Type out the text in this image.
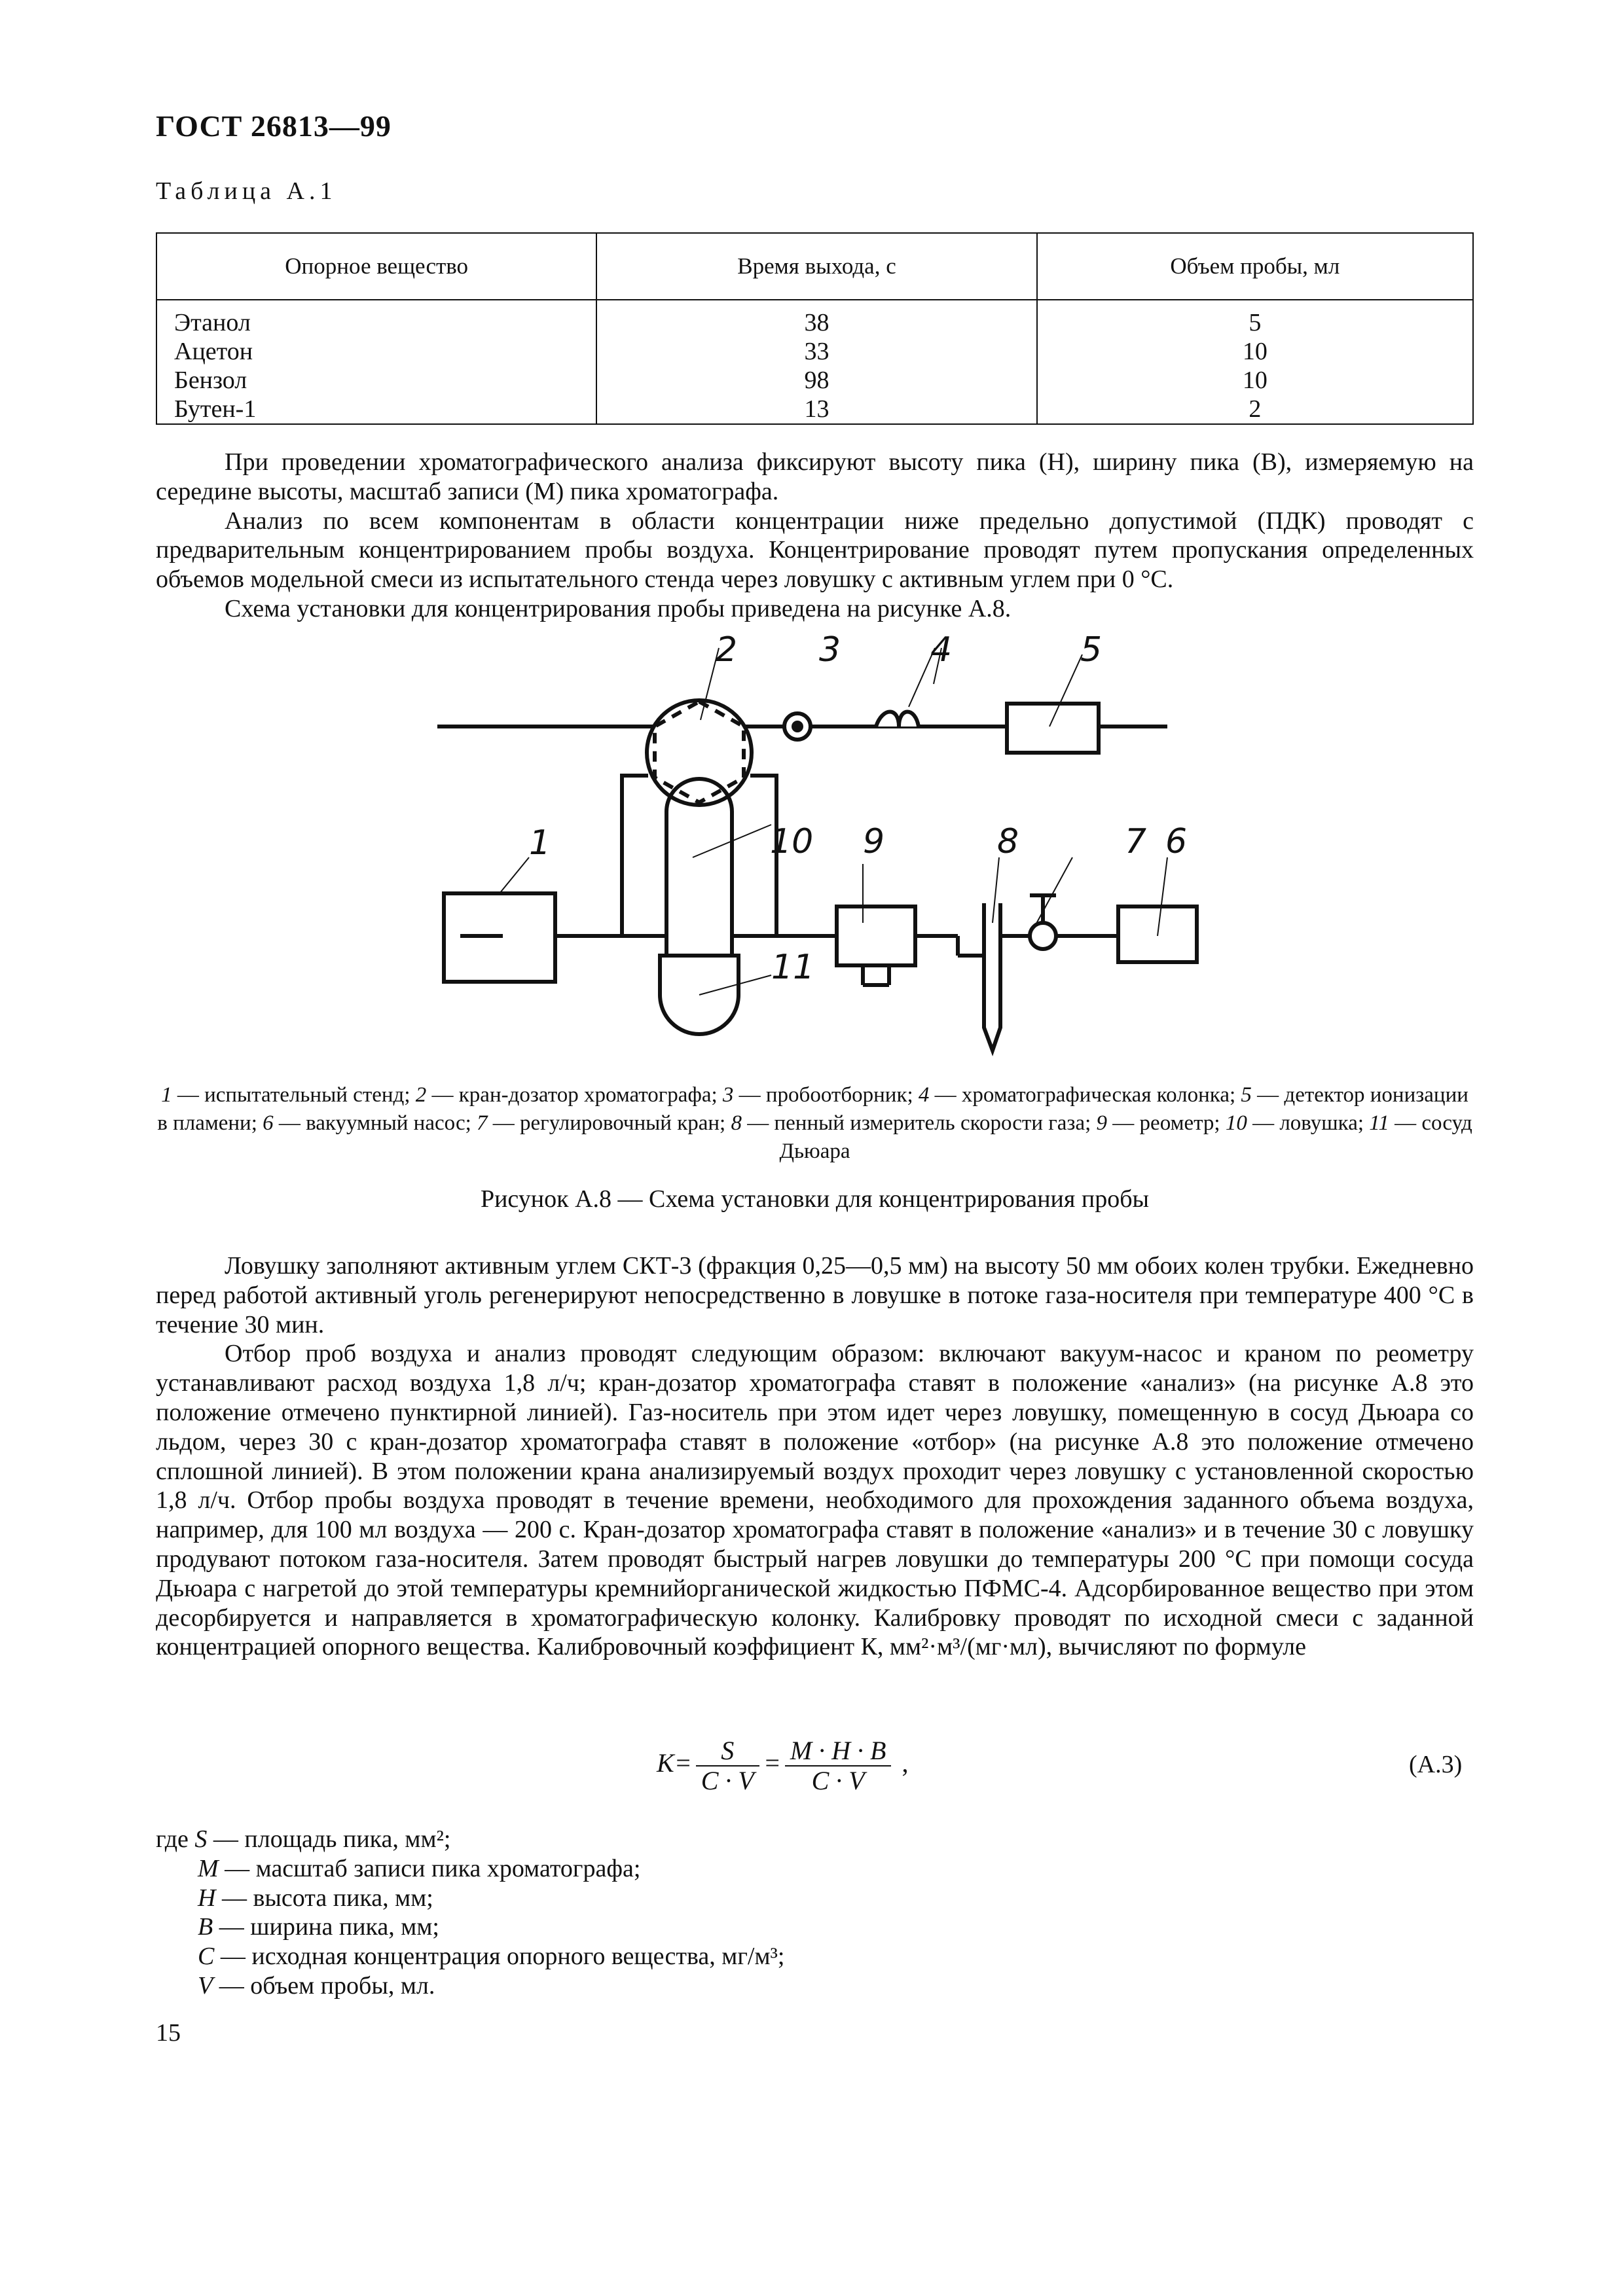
ГОСТ 26813—99
Таблица А.1
Опорное вещество	Время выхода, с	Объем пробы, мл
Этанол	38	5
Ацетон	33	10
Бензол	98	10
Бутен-1	13	2

При проведении хроматографического анализа фиксируют высоту пика (Н), ширину пика (В), измеряемую на середине высоты, масштаб записи (М) пика хроматографа.

Анализ по всем компонентам в области концентрации ниже предельно допустимой (ПДК) проводят с предварительным концентрированием пробы воздуха. Концентрирование проводят путем пропускания определенных объемов модельной смеси из испытательного стенда через ловушку с активным углем при 0 °С.

Схема установки для концентрирования пробы приведена на рисунке А.8.

1
2 3	4	5
6
7
8
9
10
11
1 — испытательный стенд; 2 — кран-дозатор хроматографа; 3 — пробоотборник; 4 — хроматографическая колонка; 5 — детектор ионизации в пламени; 6 — вакуумный насос; 7 — регулировочный кран; 8 — пенный измеритель скорости газа; 9 — реометр; 10 — ловушка; 11 — сосуд Дьюара
Рисунок А.8 — Схема установки для концентрирования пробы

Ловушку заполняют активным углем СКТ-3 (фракция 0,25—0,5 мм) на высоту 50 мм обоих колен трубки. Ежедневно перед работой активный уголь регенерируют непосредственно в ловушке в потоке газа-носителя при температуре 400 °С в течение 30 мин.

Отбор проб воздуха и анализ проводят следующим образом: включают вакуум-насос и краном по реометру устанавливают расход воздуха 1,8 л/ч; кран-дозатор хроматографа ставят в положение «анализ» (на рисунке А.8 это положение отмечено пунктирной линией). Газ-носитель при этом идет через ловушку, помещенную в сосуд Дьюара со льдом, через 30 с кран-дозатор хроматографа ставят в положение «отбор» (на рисунке А.8 это положение отмечено сплошной линией). В этом положении крана анализируемый воздух проходит через ловушку с установленной скоростью 1,8 л/ч. Отбор пробы воздуха проводят в течение времени, необходимого для прохождения заданного объема воздуха, например, для 100 мл воздуха — 200 с. Кран-дозатор хроматографа ставят в положение «анализ» и в течение 30 с ловушку продувают потоком газа-носителя. Затем проводят быстрый нагрев ловушки до температуры 200 °С при помощи сосуда Дьюара с нагретой до этой температуры кремнийорганической жидкостью ПФМС-4. Адсорбированное вещество при этом десорбируется и направляется в хроматографическую колонку. Калибровку проводят по исходной смеси с заданной концентрацией опорного вещества. Калибровочный коэффициент К, мм²·м³/(мг·мл), вычисляют по формуле

$K= \frac{S}{C \cdot V} = \frac{M \cdot H \cdot B}{C \cdot V}$ ,	(А.3)
где S — площадь пика, мм²;
M — масштаб записи пика хроматографа;
H — высота пика, мм;
B — ширина пика, мм;
C — исходная концентрация опорного вещества, мг/м³;
V — объем пробы, мл.
15
